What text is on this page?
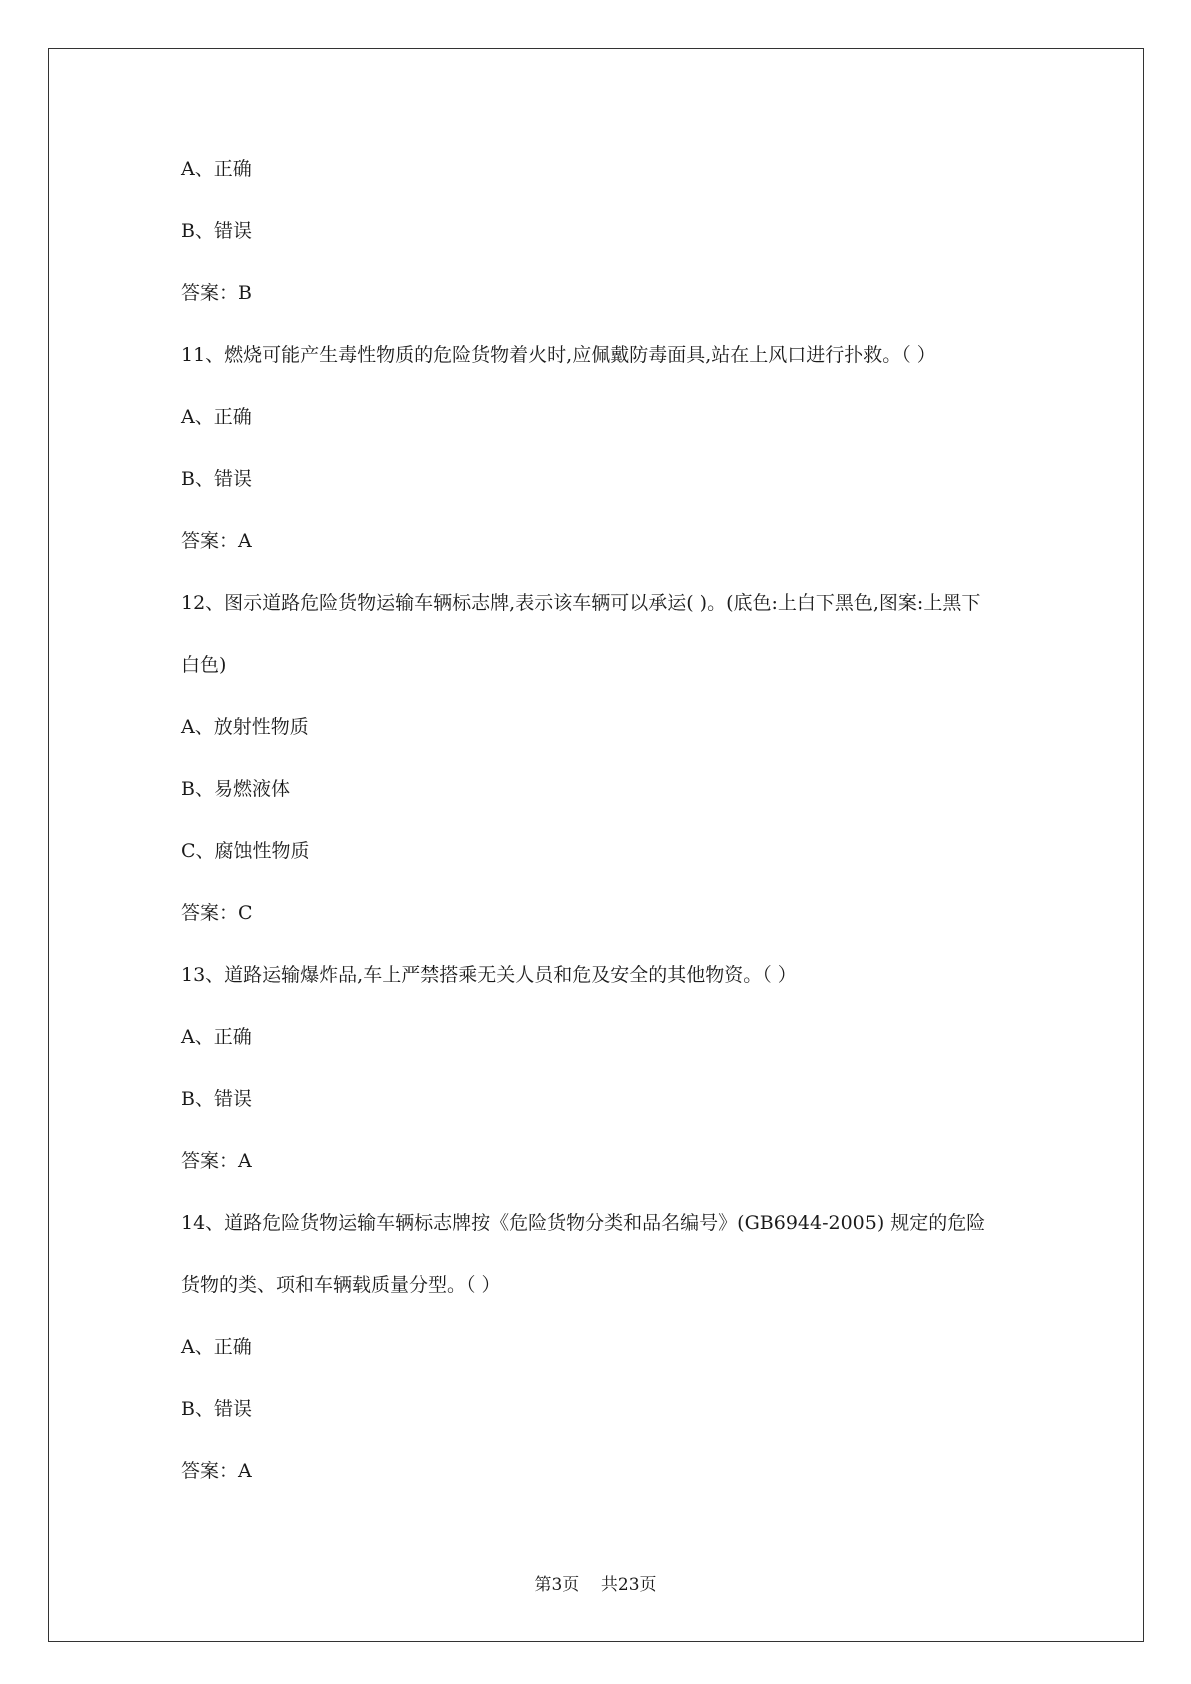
A、正确

B、错误

答案：B

11、燃烧可能产生毒性物质的危险货物着火时,应佩戴防毒面具,站在上风口进行扑救。（ ）

A、正确

B、错误

答案：A

12、图示道路危险货物运输车辆标志牌,表示该车辆可以承运( )。(底色:上白下黑色,图案:上黑下

白色)

A、放射性物质

B、易燃液体

C、腐蚀性物质

答案：C

13、道路运输爆炸品,车上严禁搭乘无关人员和危及安全的其他物资。（ ）

A、正确

B、错误

答案：A

14、道路危险货物运输车辆标志牌按《危险货物分类和品名编号》(GB6944-2005) 规定的危险

货物的类、项和车辆载质量分型。（ ）

A、正确

B、错误

答案：A

第3页 共23页
